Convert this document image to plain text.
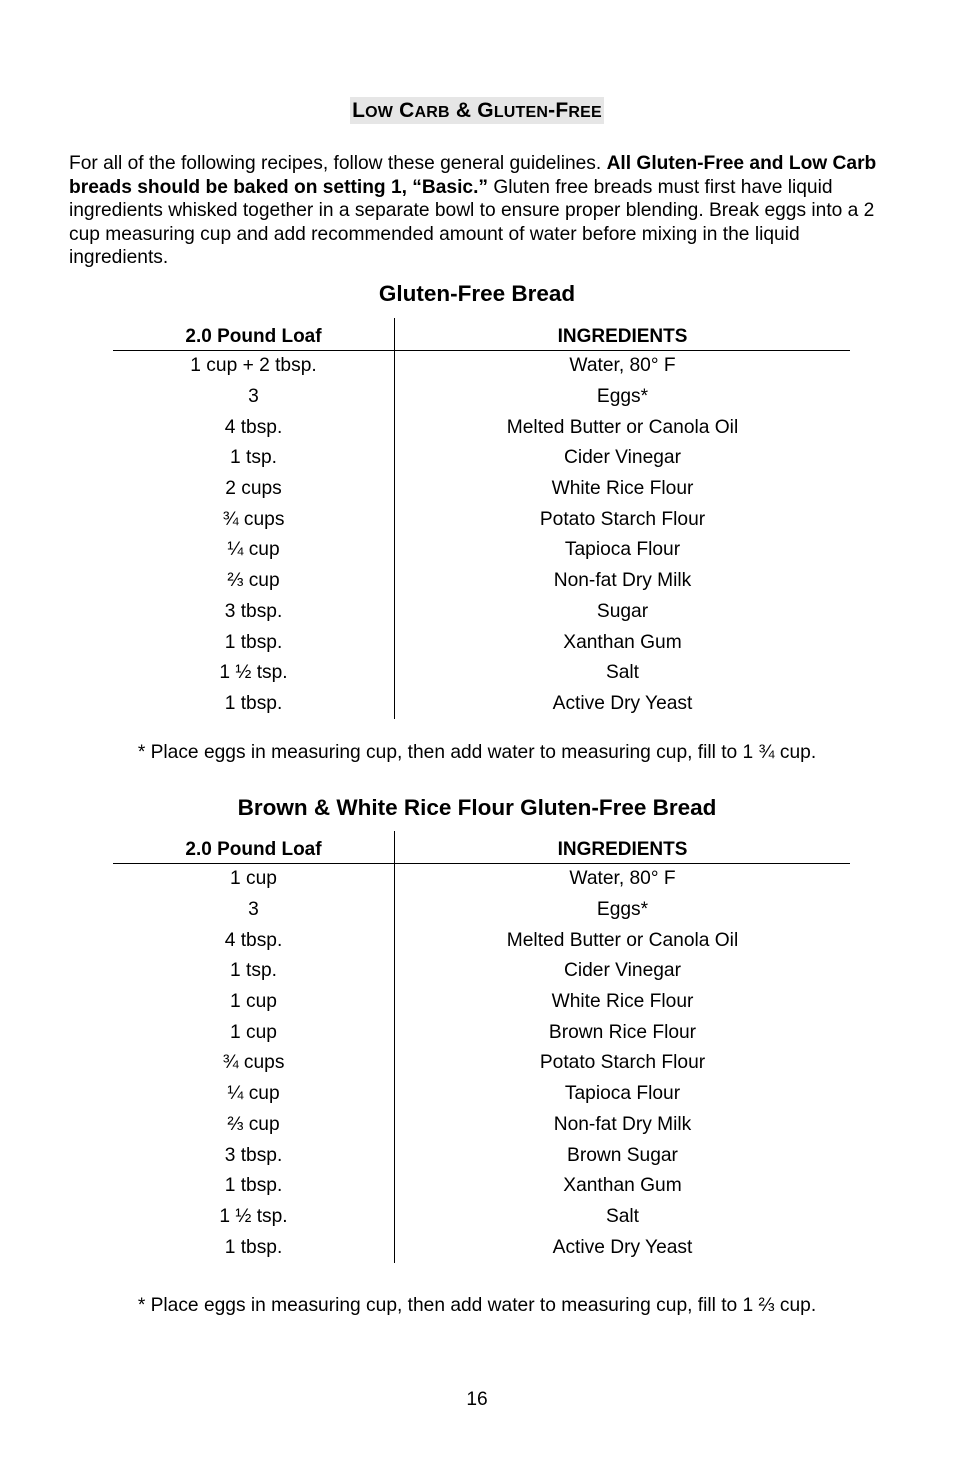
LOW CARB & GLUTEN-FREE
For all of the following recipes, follow these general guidelines. All Gluten-Free and Low Carb breads should be baked on setting 1, “Basic.” Gluten free breads must first have liquid ingredients whisked together in a separate bowl to ensure proper blending. Break eggs into a 2 cup measuring cup and add recommended amount of water before mixing in the liquid ingredients.
Gluten-Free Bread
2.0 Pound Loaf	INGREDIENTS
1 cup + 2 tbsp.	Water, 80° F
3	Eggs*
4 tbsp.	Melted Butter or Canola Oil
1 tsp.	Cider Vinegar
2 cups	White Rice Flour
¾ cups	Potato Starch Flour
¼ cup	Tapioca Flour
⅔ cup	Non-fat Dry Milk
3 tbsp.	Sugar
1 tbsp.	Xanthan Gum
1 ½ tsp.	Salt
1 tbsp.	Active Dry Yeast
* Place eggs in measuring cup, then add water to measuring cup, fill to 1 ¾ cup.
Brown & White Rice Flour Gluten-Free Bread
2.0 Pound Loaf	INGREDIENTS
1 cup	Water, 80° F
3	Eggs*
4 tbsp.	Melted Butter or Canola Oil
1 tsp.	Cider Vinegar
1 cup	White Rice Flour
1 cup	Brown Rice Flour
¾ cups	Potato Starch Flour
¼ cup	Tapioca Flour
⅔ cup	Non-fat Dry Milk
3 tbsp.	Brown Sugar
1 tbsp.	Xanthan Gum
1 ½ tsp.	Salt
1 tbsp.	Active Dry Yeast
* Place eggs in measuring cup, then add water to measuring cup, fill to 1 ⅔ cup.
16
